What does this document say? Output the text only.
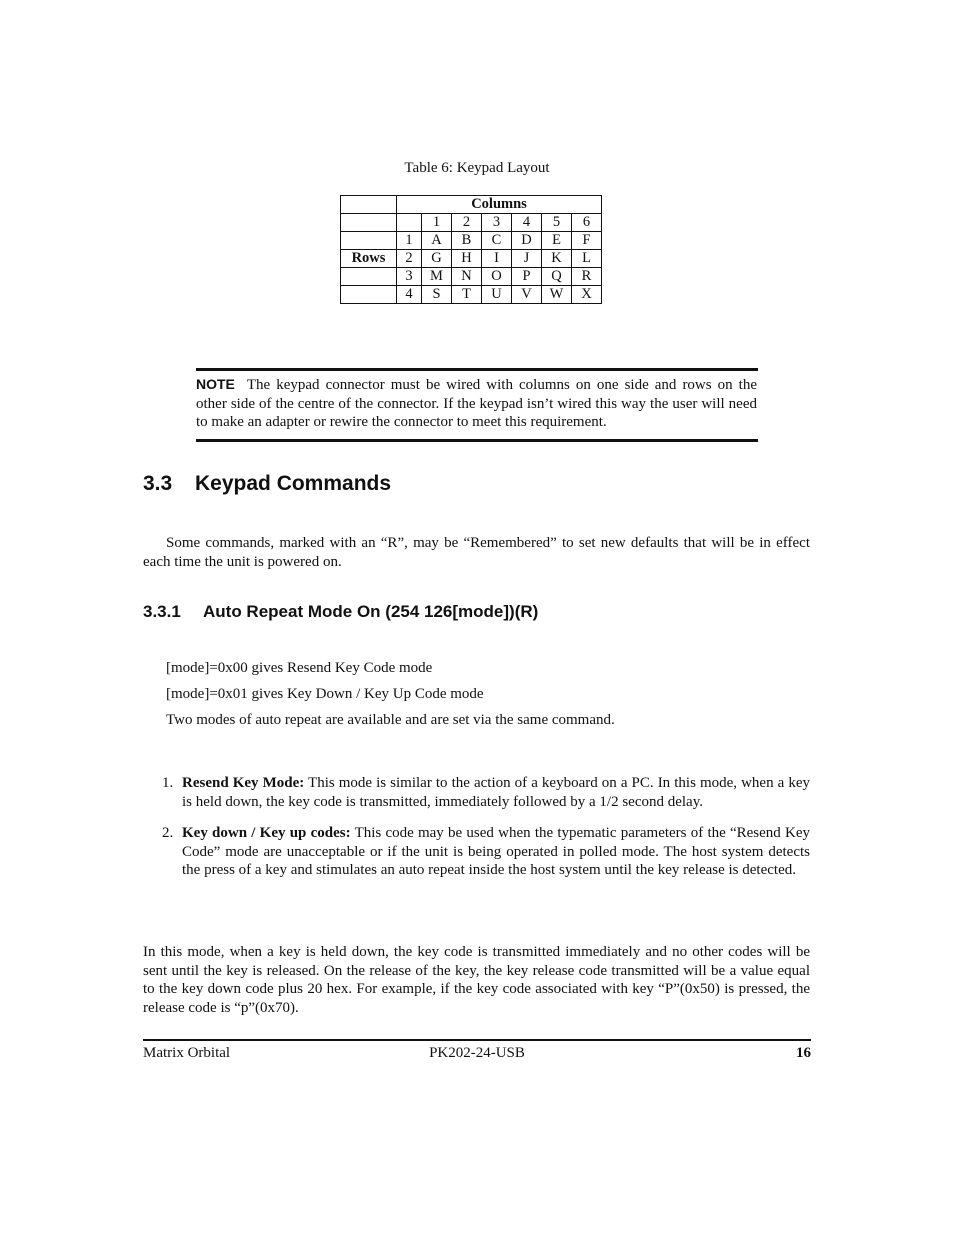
Table 6: Keypad Layout
	Columns						
		1	2	3	4	5	6
	1	A	B	C	D	E	F
Rows	2	G	H	I	J	K	L
	3	M	N	O	P	Q	R
	4	S	T	U	V	W	X
NOTE The keypad connector must be wired with columns on one side and rows on the other side of the centre of the connector. If the keypad isn’t wired this way the user will need to make an adapter or rewire the connector to meet this requirement.
3.3 Keypad Commands
Some commands, marked with an “R”, may be “Remembered” to set new defaults that will be in effect each time the unit is powered on.
3.3.1 Auto Repeat Mode On (254 126[mode])(R)
[mode]=0x00 gives Resend Key Code mode
[mode]=0x01 gives Key Down / Key Up Code mode
Two modes of auto repeat are available and are set via the same command.
1. Resend Key Mode: This mode is similar to the action of a keyboard on a PC. In this mode, when a key is held down, the key code is transmitted, immediately followed by a 1/2 second delay.
2. Key down / Key up codes: This code may be used when the typematic parameters of the “Resend Key Code” mode are unacceptable or if the unit is being operated in polled mode. The host system detects the press of a key and stimulates an auto repeat inside the host system until the key release is detected.
In this mode, when a key is held down, the key code is transmitted immediately and no other codes will be sent until the key is released. On the release of the key, the key release code transmitted will be a value equal to the key down code plus 20 hex. For example, if the key code associated with key “P”(0x50) is pressed, the release code is “p”(0x70).
Matrix Orbital	PK202-24-USB	16
